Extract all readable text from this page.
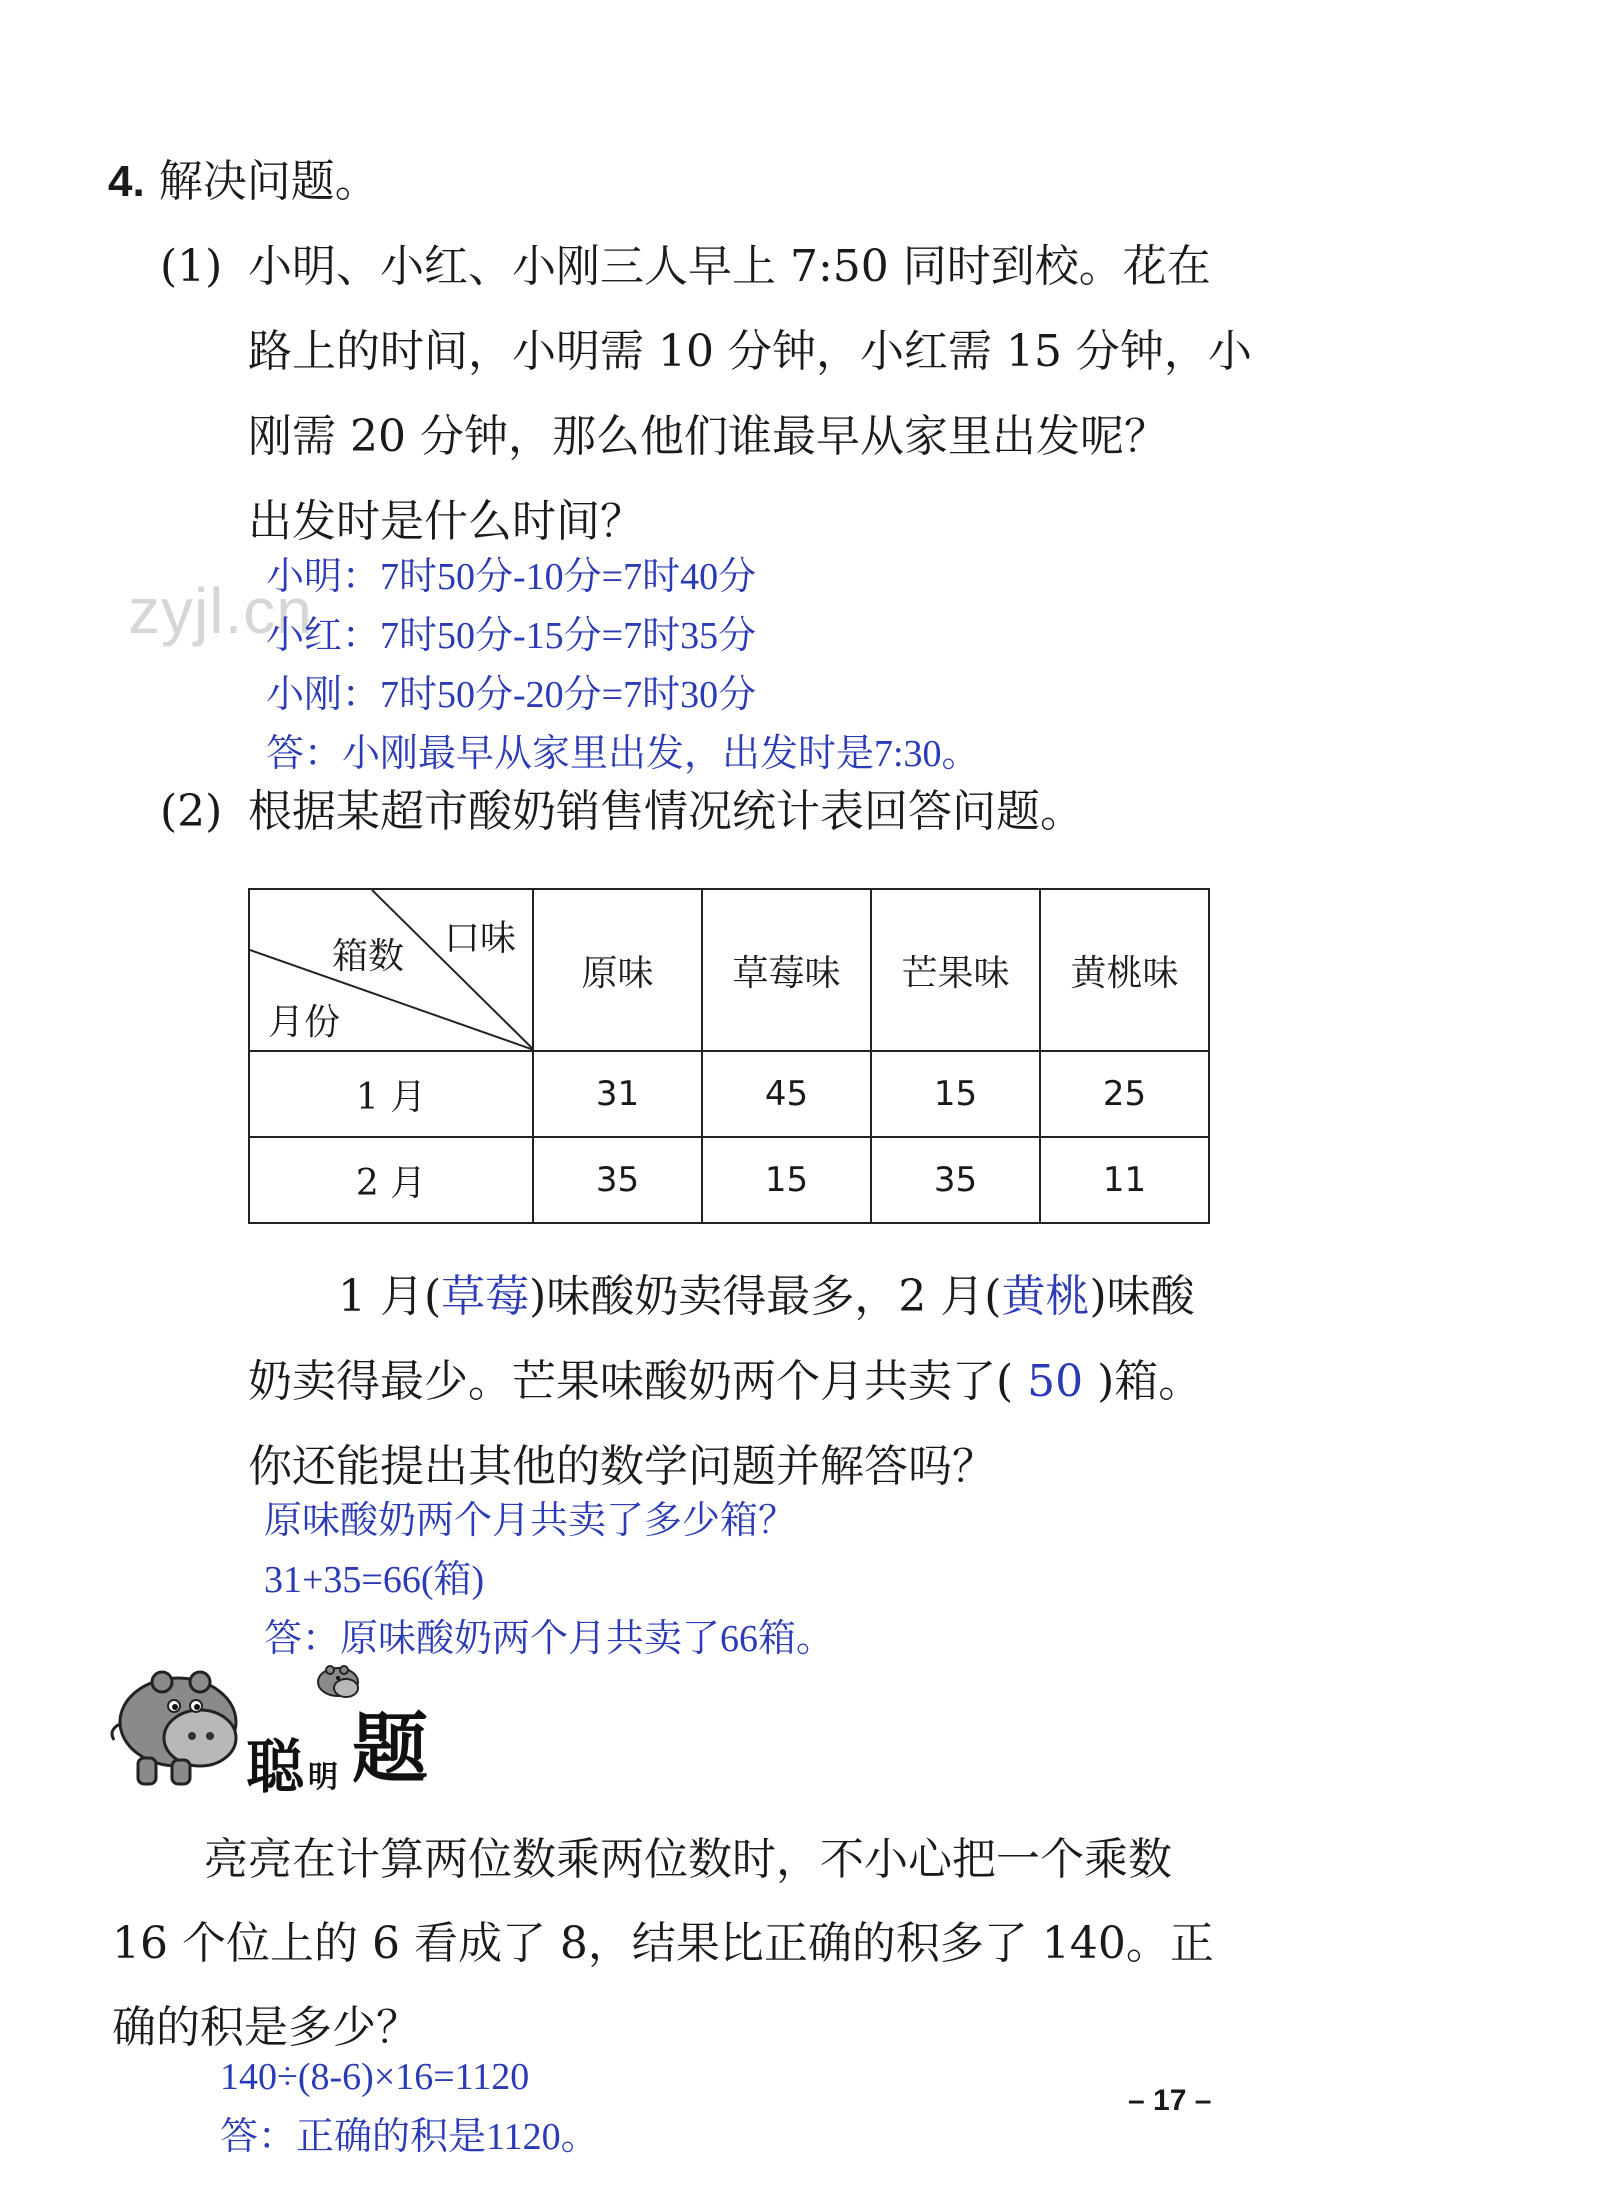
zyjl.cn
4. 解决问题。
(1) 小明、小红、小刚三人早上 7:50 同时到校。花在
路上的时间，小明需 10 分钟，小红需 15 分钟，小
刚需 20 分钟，那么他们谁最早从家里出发呢？
出发时是什么时间？
小明：7时50分-10分=7时40分
小红：7时50分-15分=7时35分
小刚：7时50分-20分=7时30分
答：小刚最早从家里出发，出发时是7:30。
(2) 根据某超市酸奶销售情况统计表回答问题。
口味
箱数
月份	原味	草莓味	芒果味	黄桃味
1 月	31	45	15	25
2 月	35	15	35	11
1 月(草莓)味酸奶卖得最多，2 月(黄桃)味酸
奶卖得最少。芒果味酸奶两个月共卖了( 50 )箱。
你还能提出其他的数学问题并解答吗？
原味酸奶两个月共卖了多少箱？
31+35=66(箱)
答：原味酸奶两个月共卖了66箱。
聪 明 题
亮亮在计算两位数乘两位数时，不小心把一个乘数
16 个位上的 6 看成了 8，结果比正确的积多了 140。正
确的积是多少？
140÷(8-6)×16=1120
答：正确的积是1120。
– 17 –
